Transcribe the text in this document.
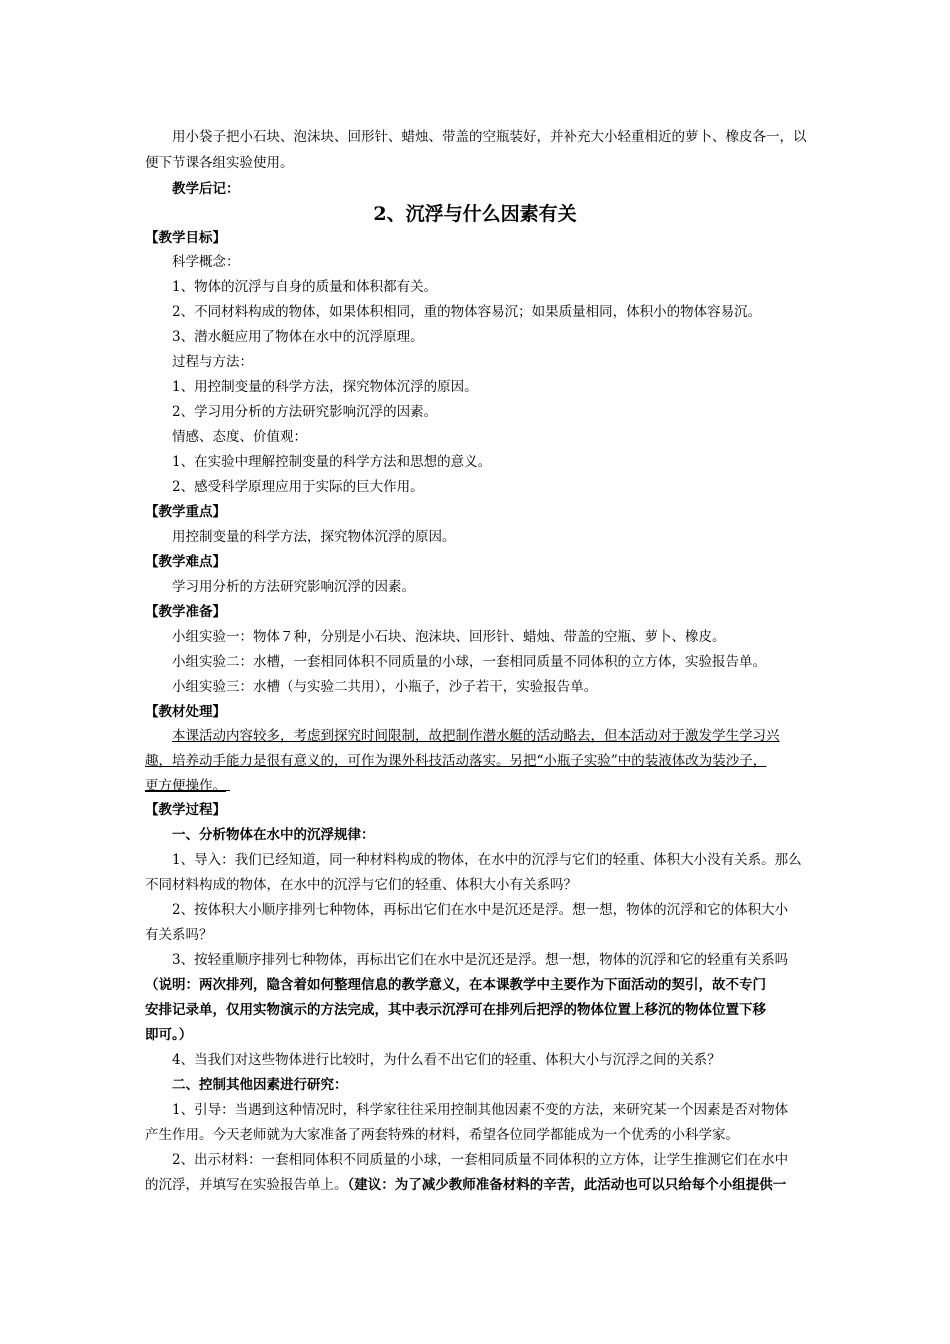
用小袋子把小石块、泡沫块、回形针、蜡烛、带盖的空瓶装好，并补充大小轻重相近的萝卜、橡皮各一，以
便下节课各组实验使用。
教学后记：
2、沉浮与什么因素有关
【教学目标】
科学概念：
1、物体的沉浮与自身的质量和体积都有关。
2、不同材料构成的物体，如果体积相同，重的物体容易沉；如果质量相同，体积小的物体容易沉。
3、潜水艇应用了物体在水中的沉浮原理。
过程与方法：
1、用控制变量的科学方法，探究物体沉浮的原因。
2、学习用分析的方法研究影响沉浮的因素。
情感、态度、价值观：
1、在实验中理解控制变量的科学方法和思想的意义。
2、感受科学原理应用于实际的巨大作用。
【教学重点】
用控制变量的科学方法，探究物体沉浮的原因。
【教学难点】
学习用分析的方法研究影响沉浮的因素。
【教学准备】
小组实验一：物体７种，分别是小石块、泡沫块、回形针、蜡烛、带盖的空瓶、萝卜、橡皮。
小组实验二：水槽，一套相同体积不同质量的小球，一套相同质量不同体积的立方体，实验报告单。
小组实验三：水槽（与实验二共用），小瓶子，沙子若干，实验报告单。
【教材处理】
本课活动内容较多，考虑到探究时间限制，故把制作潜水艇的活动略去，但本活动对于激发学生学习兴
趣，培养动手能力是很有意义的，可作为课外科技活动落实。另把“小瓶子实验”中的装液体改为装沙子，
更方便操作。
【教学过程】
一、分析物体在水中的沉浮规律：
1、导入：我们已经知道，同一种材料构成的物体，在水中的沉浮与它们的轻重、体积大小没有关系。那么
不同材料构成的物体，在水中的沉浮与它们的轻重、体积大小有关系吗？
2、按体积大小顺序排列七种物体，再标出它们在水中是沉还是浮。想一想，物体的沉浮和它的体积大小
有关系吗？
3、按轻重顺序排列七种物体，再标出它们在水中是沉还是浮。想一想，物体的沉浮和它的轻重有关系吗
（说明：两次排列，隐含着如何整理信息的教学意义，在本课教学中主要作为下面活动的契引，故不专门
安排记录单，仅用实物演示的方法完成，其中表示沉浮可在排列后把浮的物体位置上移沉的物体位置下移
即可。）
4、当我们对这些物体进行比较时，为什么看不出它们的轻重、体积大小与沉浮之间的关系？
二、控制其他因素进行研究：
1、引导：当遇到这种情况时，科学家往往采用控制其他因素不变的方法，来研究某一个因素是否对物体
产生作用。今天老师就为大家准备了两套特殊的材料，希望各位同学都能成为一个优秀的小科学家。
2、出示材料：一套相同体积不同质量的小球，一套相同质量不同体积的立方体，让学生推测它们在水中
的沉浮，并填写在实验报告单上。（建议：为了减少教师准备材料的辛苦，此活动也可以只给每个小组提供一
